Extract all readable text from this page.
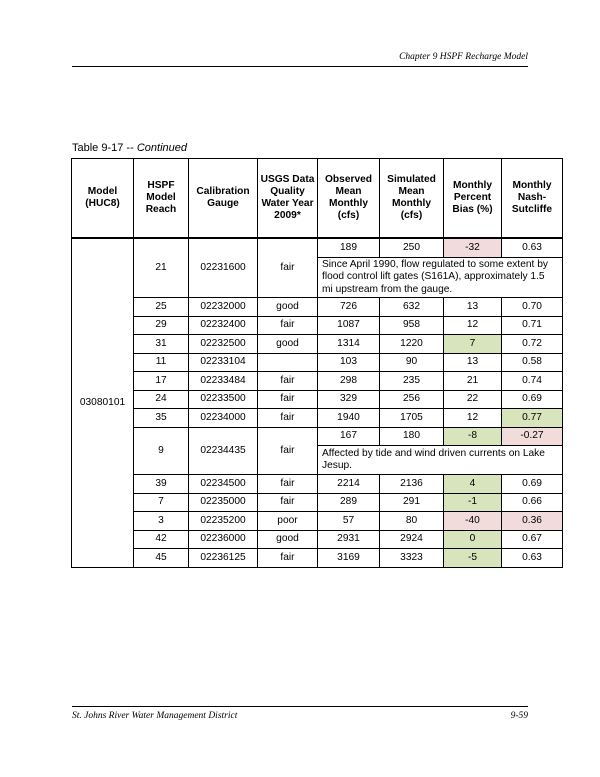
Chapter 9 HSPF Recharge Model
Table 9-17 -- Continued
Model (HUC8)	HSPF Model Reach	Calibration Gauge	USGS Data Quality Water Year 2009*	Observed Mean Monthly (cfs)	Simulated Mean Monthly (cfs)	Monthly Percent Bias (%)	Monthly Nash-Sutcliffe
03080101	21	02231600	fair	189	250	-32	0.63
				Since April 1990, flow regulated to some extent by flood control lift gates (S161A), approximately 1.5 mi upstream from the gauge.			
	25	02232000	good	726	632	13	0.70
	29	02232400	fair	1087	958	12	0.71
	31	02232500	good	1314	1220	7	0.72
	11	02233104		103	90	13	0.58
	17	02233484	fair	298	235	21	0.74
	24	02233500	fair	329	256	22	0.69
	35	02234000	fair	1940	1705	12	0.77
	9	02234435	fair	167	180	-8	-0.27
				Affected by tide and wind driven currents on Lake Jesup.			
	39	02234500	fair	2214	2136	4	0.69
	7	02235000	fair	289	291	-1	0.66
	3	02235200	poor	57	80	-40	0.36
	42	02236000	good	2931	2924	0	0.67
	45	02236125	fair	3169	3323	-5	0.63
St. Johns River Water Management District	9-59
